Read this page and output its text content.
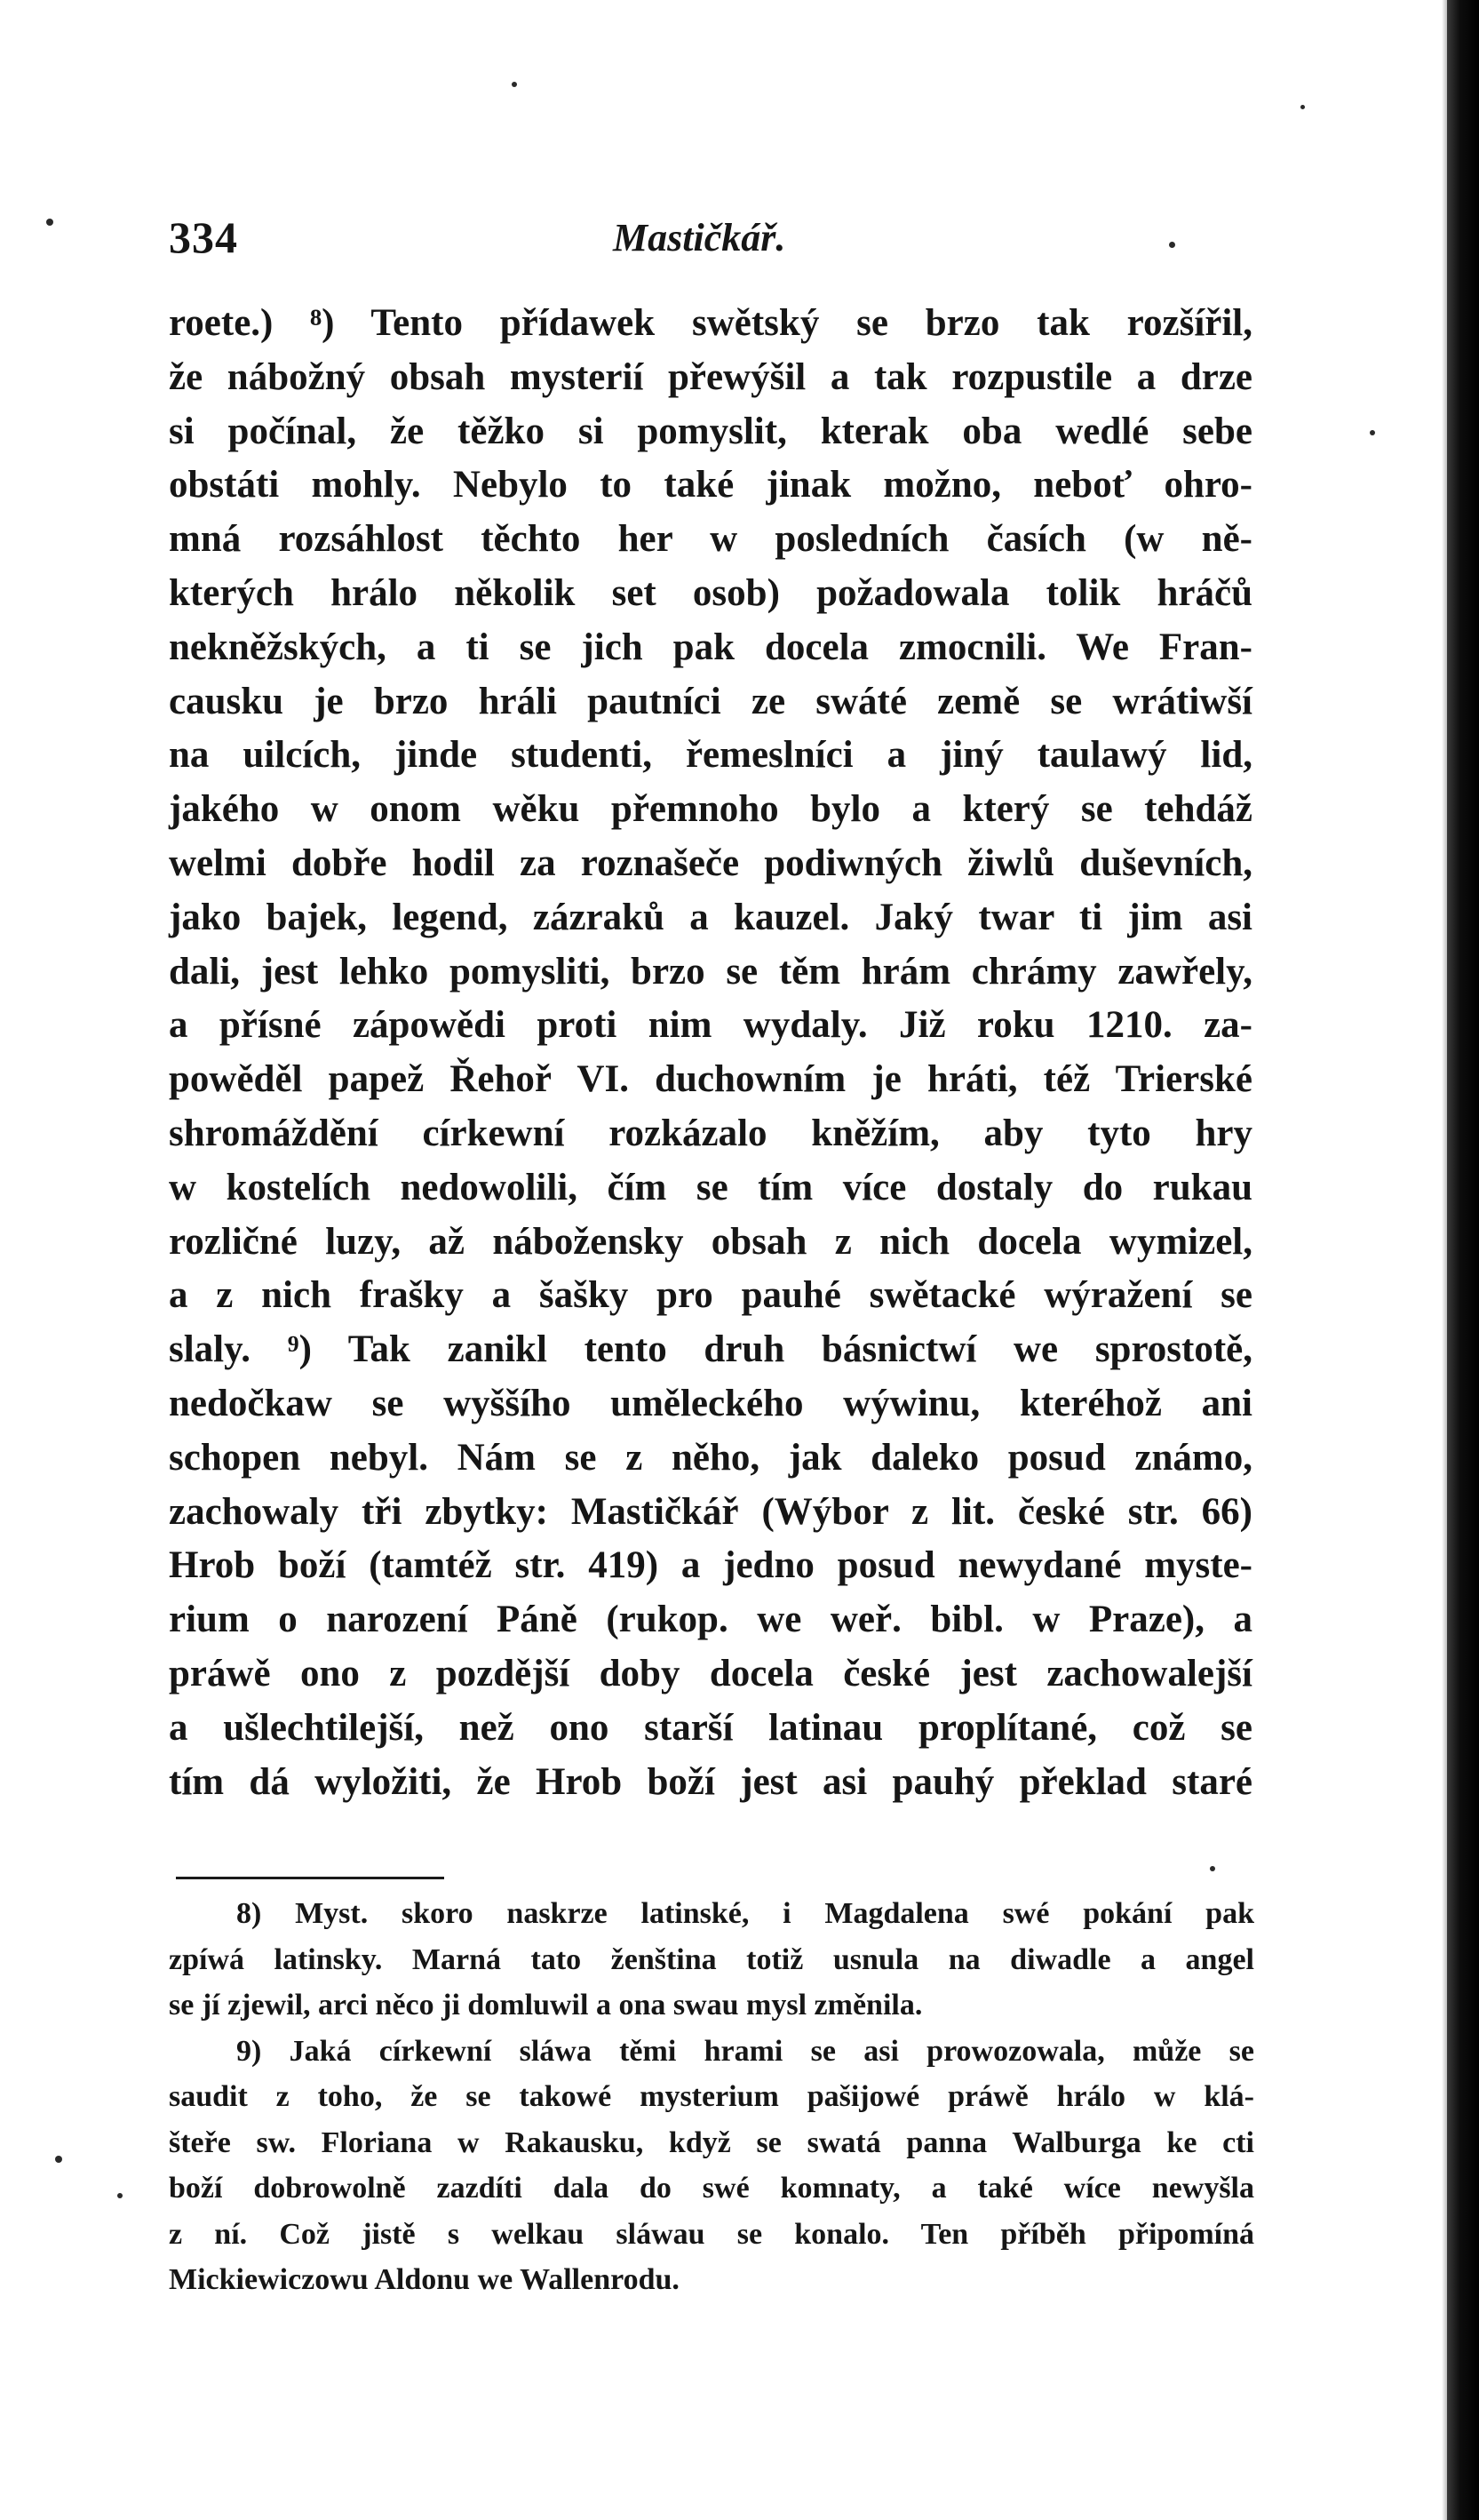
334	Mastičkář.
roete.) ⁸) Tento přídawek swětský se brzo tak rozšířil,
že nábožný obsah mysterií přewýšil a tak rozpustile a drze
si počínal, že těžko si pomyslit, kterak oba wedlé sebe
obstáti mohly. Nebylo to také jinak možno, neboť ohro-
mná rozsáhlost těchto her w posledních časích (w ně-
kterých hrálo několik set osob) požadowala tolik hráčů
nekněžských, a ti se jich pak docela zmocnili. We Fran-
causku je brzo hráli pautníci ze swáté země se wrátiwší
na uilcích, jinde studenti, řemeslníci a jiný taulawý lid,
jakého w onom wěku přemnoho bylo a který se tehdáž
welmi dobře hodil za roznašeče podiwných žiwlů duševních,
jako bajek, legend, zázraků a kauzel. Jaký twar ti jim asi
dali, jest lehko pomysliti, brzo se těm hrám chrámy zawřely,
a přísné zápowědi proti nim wydaly. Již roku 1210. za-
powěděl papež Řehoř VI. duchowním je hráti, též Trierské
shromáždění církewní rozkázalo kněžím, aby tyto hry
w kostelích nedowolili, čím se tím více dostaly do rukau
rozličné luzy, až nábožensky obsah z nich docela wymizel,
a z nich frašky a šašky pro pauhé swětacké wýražení se
slaly. ⁹) Tak zanikl tento druh básnictwí we sprostotě,
nedočkaw se wyššího uměleckého wýwinu, kteréhož ani
schopen nebyl. Nám se z něho, jak daleko posud známo,
zachowaly tři zbytky: Mastičkář (Wýbor z lit. české str. 66)
Hrob boží (tamtéž str. 419) a jedno posud newydané myste-
rium o narození Páně (rukop. we weř. bibl. w Praze), a
práwě ono z pozdější doby docela české jest zachowalejší
a ušlechtilejší, než ono starší latinau proplítané, což se
tím dá wyložiti, že Hrob boží jest asi pauhý překlad staré
8) Myst. skoro naskrze latinské, i Magdalena swé pokání pak
zpíwá latinsky. Marná tato ženština totiž usnula na diwadle a angel
se jí zjewil, arci něco ji domluwil a ona swau mysl změnila.
9) Jaká církewní sláwa těmi hrami se asi prowozowala, může se
saudit z toho, že se takowé mysterium pašijowé práwě hrálo w klá-
šteře sw. Floriana w Rakausku, když se swatá panna Walburga ke cti
boží dobrowolně zazdíti dala do swé komnaty, a také wíce newyšla
z ní. Což jistě s welkau sláwau se konalo. Ten příběh připomíná
Mickiewiczowu Aldonu we Wallenrodu.
